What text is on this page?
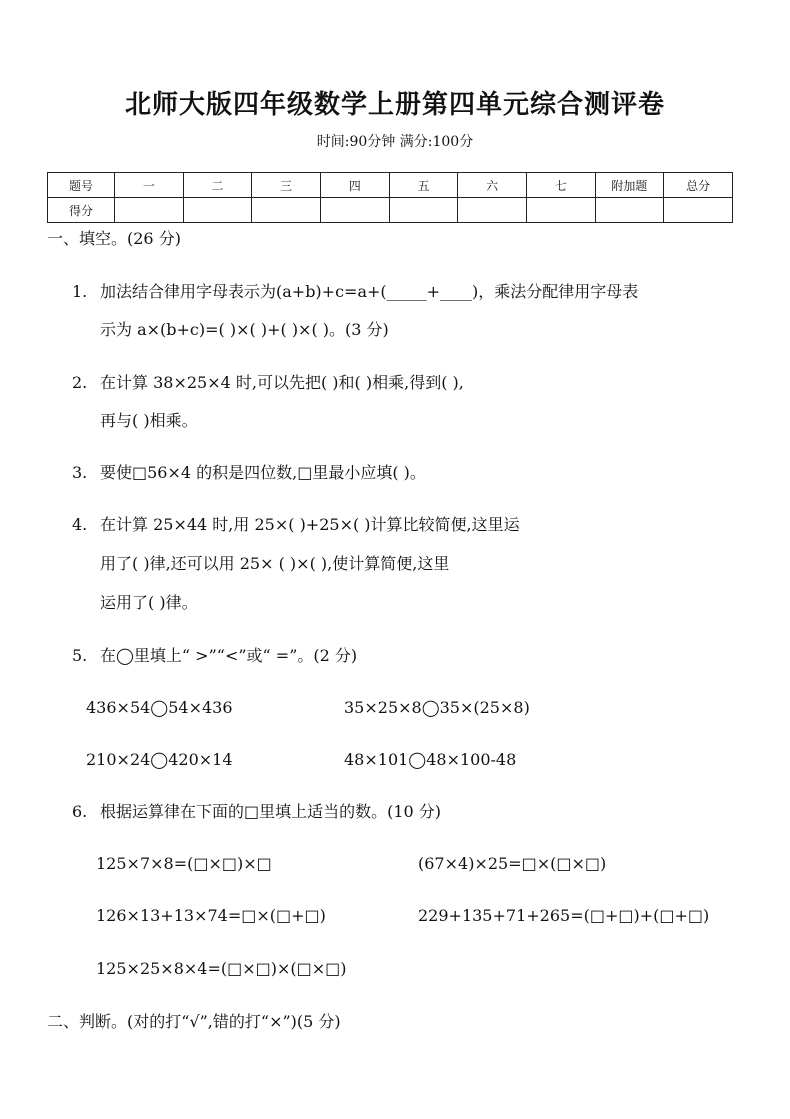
北师大版四年级数学上册第四单元综合测评卷
时间:90分钟 满分:100分
题号	一	二	三	四	五	六	七	附加题	总分
得分									
一、填空。(26 分)
1. 加法结合律用字母表示为(a+b)+c=a+(_____+____)，乘法分配律用字母表
示为 a×(b+c)=( )×( )+( )×( )。(3 分)
2. 在计算 38×25×4 时,可以先把( )和( )相乘,得到( ),
再与( )相乘。
3. 要使□56×4 的积是四位数,□里最小应填( )。
4. 在计算 25×44 时,用 25×( )+25×( )计算比较简便,这里运
用了( )律,还可以用 25× ( )×( ),使计算简便,这里
运用了( )律。
5. 在◯里填上“ >”“<”或“ =”。(2 分)
436×54◯54×436	35×25×8◯35×(25×8)
210×24◯420×14	48×101◯48×100-48
6. 根据运算律在下面的□里填上适当的数。(10 分)
125×7×8=(□×□)×□	(67×4)×25=□×(□×□)
126×13+13×74=□×(□+□)	229+135+71+265=(□+□)+(□+□)
125×25×8×4=(□×□)×(□×□)
二、判断。(对的打“√”,错的打“×”)(5 分)
